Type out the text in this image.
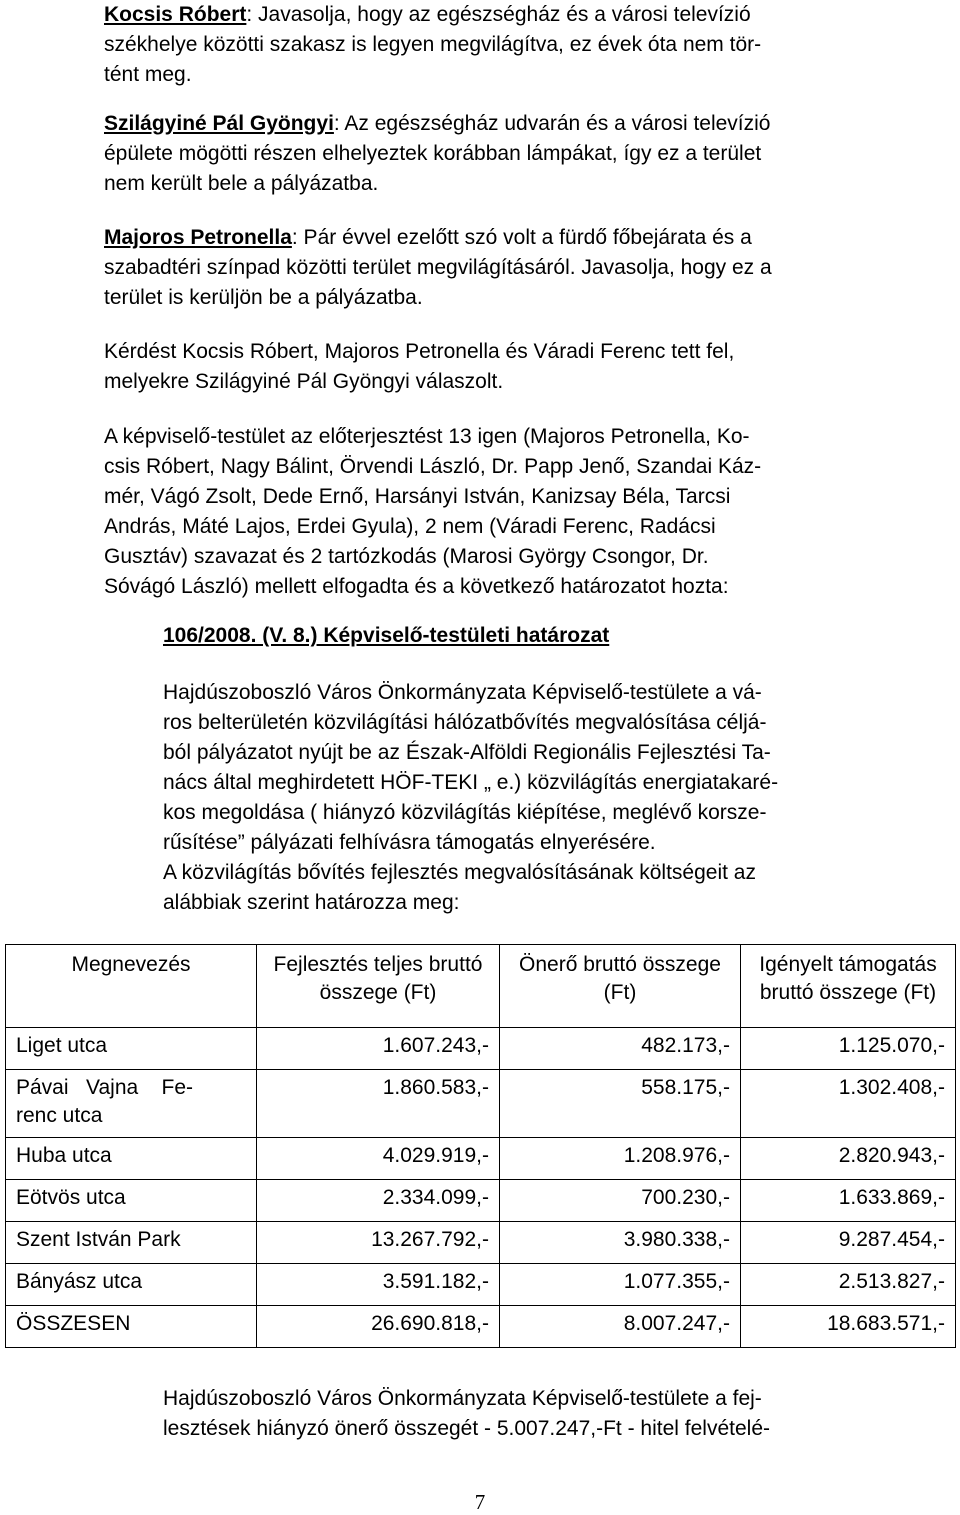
Kocsis Róbert: Javasolja, hogy az egészségház és a városi televízió
székhelye közötti szakasz is legyen megvilágítva, ez évek óta nem tör-
tént meg.
Szilágyiné Pál Gyöngyi: Az egészségház udvarán és a városi televízió
épülete mögötti részen elhelyeztek korábban lámpákat, így ez a terület
nem került bele a pályázatba.
Majoros Petronella: Pár évvel ezelőtt szó volt a fürdő főbejárata és a
szabadtéri színpad közötti terület megvilágításáról. Javasolja, hogy ez a
terület is kerüljön be a pályázatba.
Kérdést Kocsis Róbert, Majoros Petronella és Váradi Ferenc tett fel,
melyekre Szilágyiné Pál Gyöngyi válaszolt.
A képviselő-testület az előterjesztést 13 igen (Majoros Petronella, Ko-
csis Róbert, Nagy Bálint, Örvendi László, Dr. Papp Jenő, Szandai Káz-
mér, Vágó Zsolt, Dede Ernő, Harsányi István, Kanizsay Béla, Tarcsi
András, Máté Lajos, Erdei Gyula), 2 nem (Váradi Ferenc, Radácsi
Gusztáv) szavazat és 2 tartózkodás (Marosi György Csongor, Dr.
Sóvágó László) mellett elfogadta és a következő határozatot hozta:
106/2008. (V. 8.) Képviselő-testületi határozat
Hajdúszoboszló Város Önkormányzata Képviselő-testülete a vá-
ros belterületén közvilágítási hálózatbővítés megvalósítása céljá-
ból pályázatot nyújt be az Észak-Alföldi Regionális Fejlesztési Ta-
nács által meghirdetett HÖF-TEKI „ e.) közvilágítás energiatakaré-
kos megoldása ( hiányzó közvilágítás kiépítése, meglévő korsze-
rűsítése” pályázati felhívásra támogatás elnyerésére.
A közvilágítás bővítés fejlesztés megvalósításának költségeit az
alábbiak szerint határozza meg:
Megnevezés	Fejlesztés teljes bruttó összege (Ft)	Önerő bruttó összege (Ft)	Igényelt támogatás bruttó összege (Ft)
Liget utca	1.607.243,-	482.173,-	1.125.070,-
Pávai   Vajna    Fe-
renc utca	1.860.583,-	558.175,-	1.302.408,-
Huba utca	4.029.919,-	1.208.976,-	2.820.943,-
Eötvös utca	2.334.099,-	700.230,-	1.633.869,-
Szent István Park	13.267.792,-	3.980.338,-	9.287.454,-
Bányász utca	3.591.182,-	1.077.355,-	2.513.827,-
ÖSSZESEN	26.690.818,-	8.007.247,-	18.683.571,-
Hajdúszoboszló Város Önkormányzata Képviselő-testülete a fej-
lesztések hiányzó önerő összegét - 5.007.247,-Ft - hitel felvételé-
7
